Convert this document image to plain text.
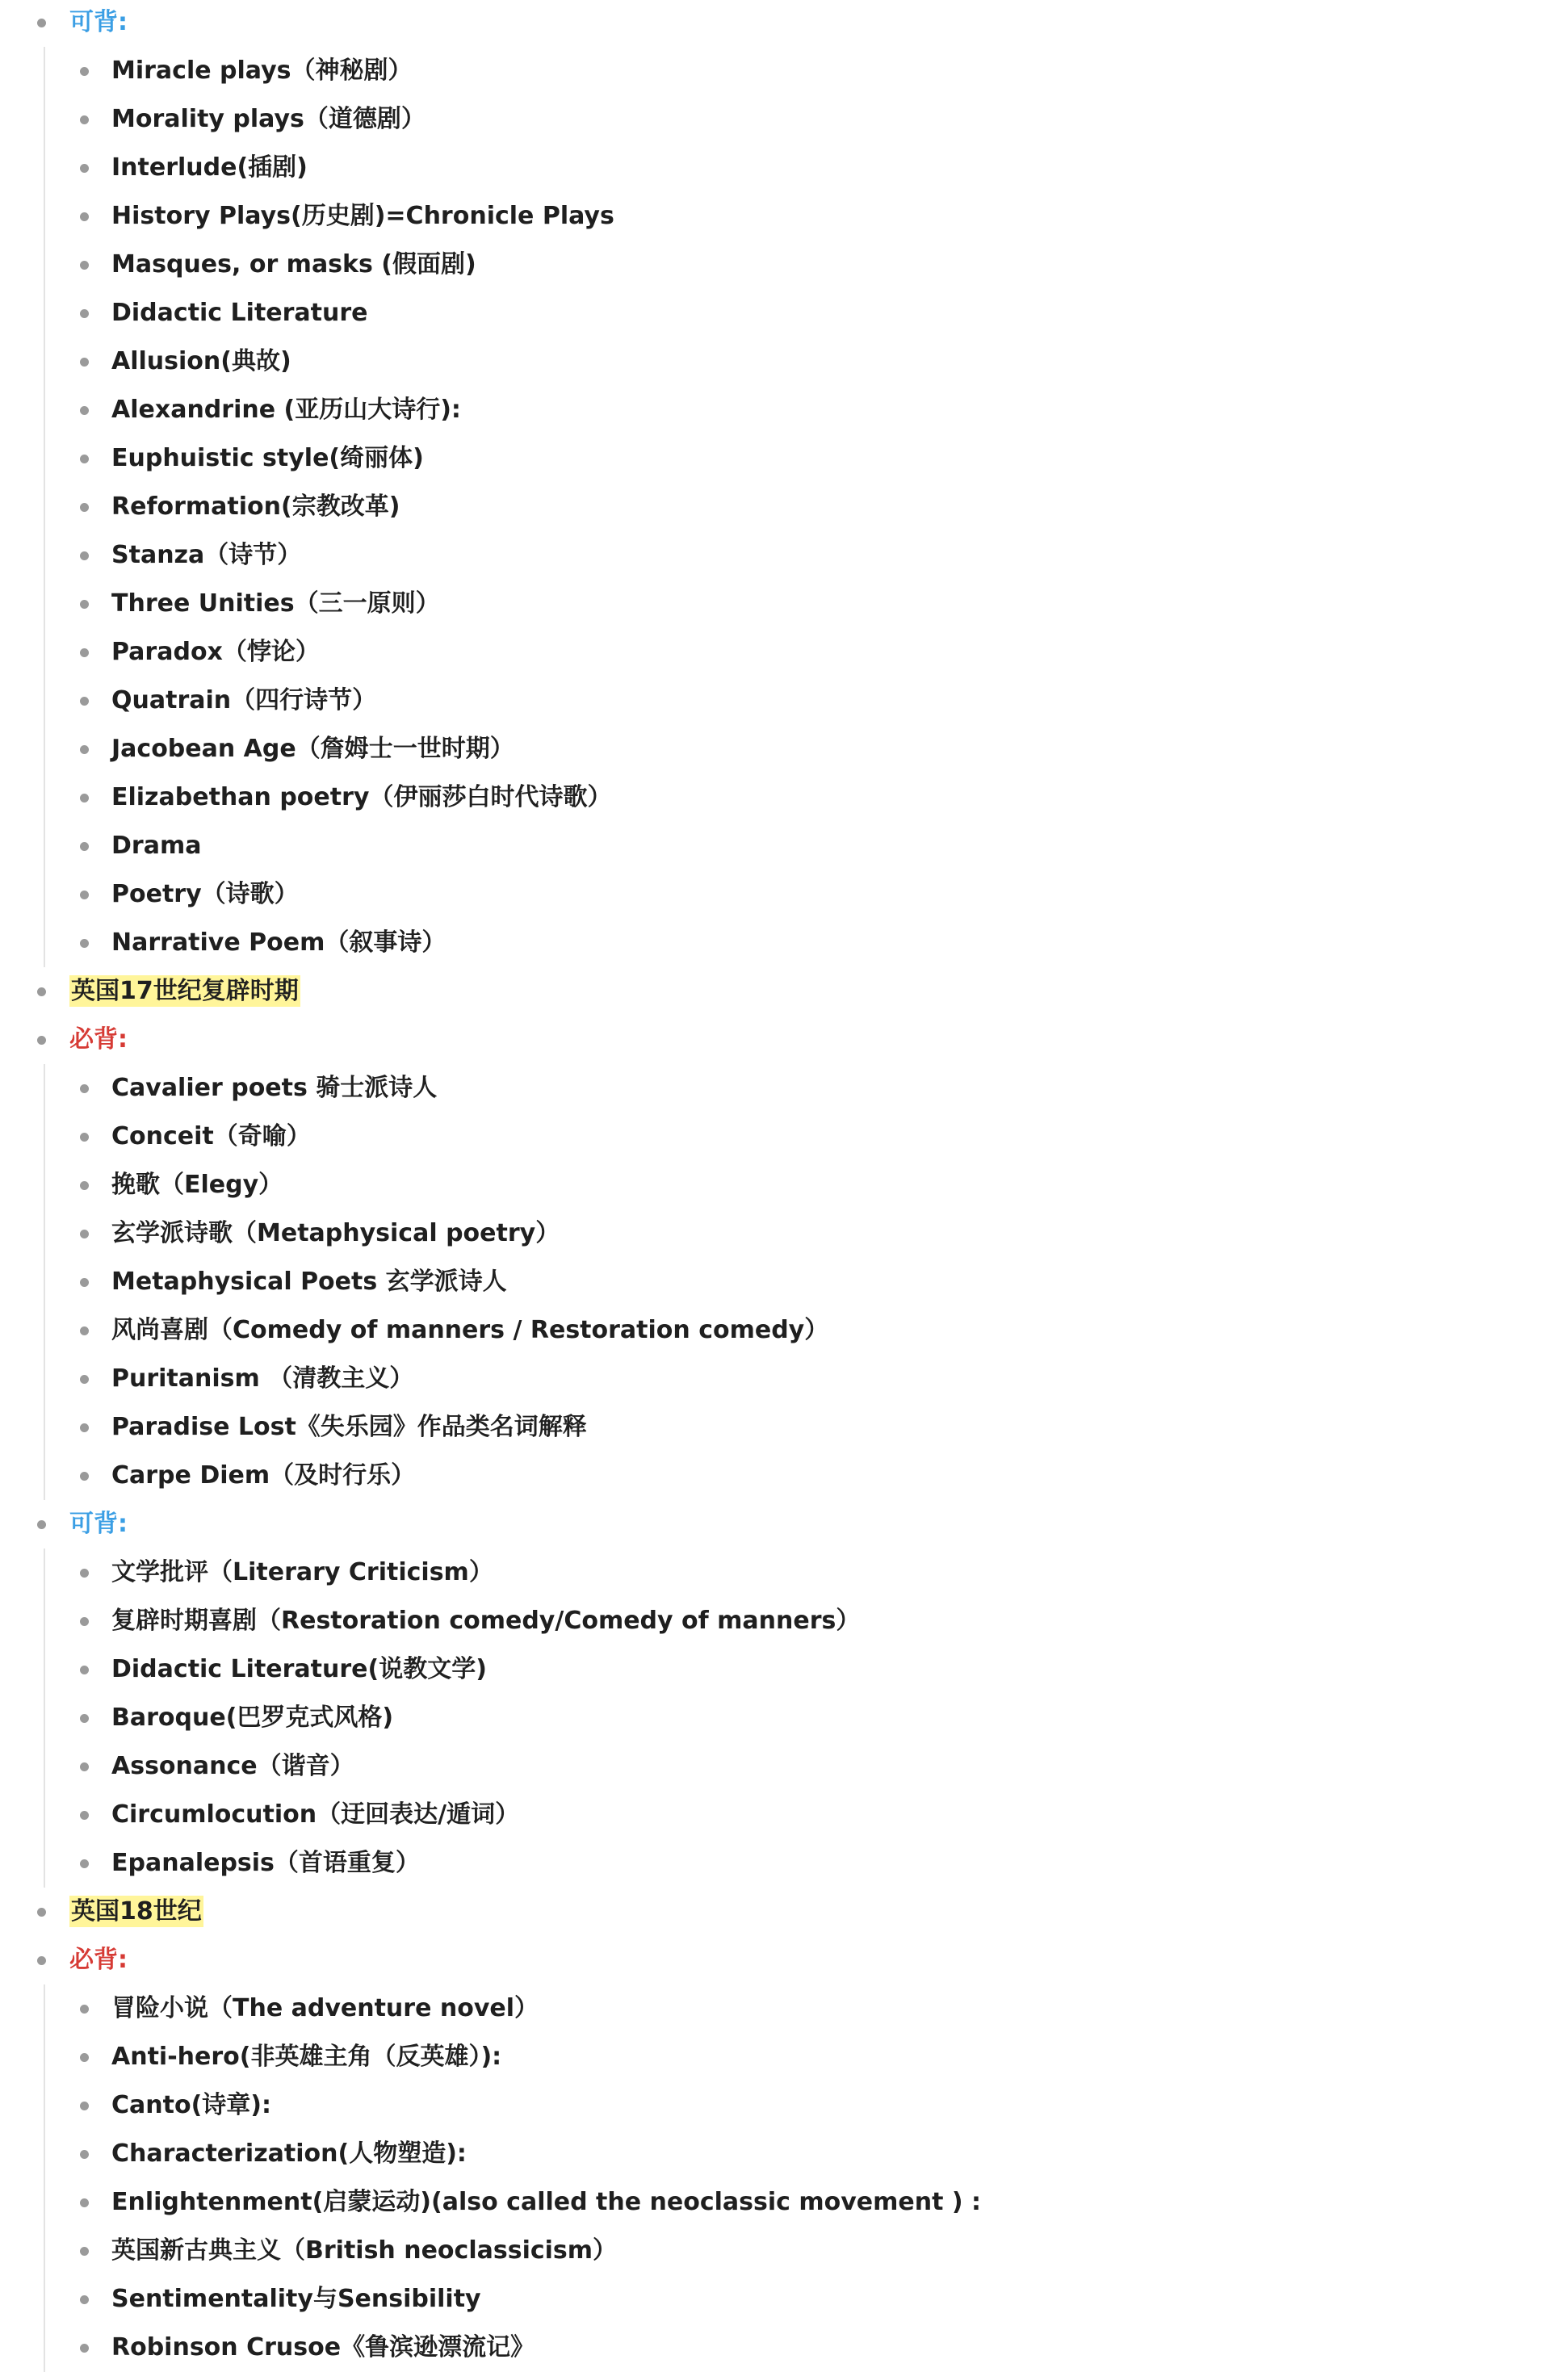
可背:
Miracle plays（神秘剧）
Morality plays（道德剧）
Interlude(插剧)
History Plays(历史剧)=Chronicle Plays
Masques, or masks (假面剧)
Didactic Literature
Allusion(典故)
Alexandrine (亚历山大诗行):
Euphuistic style(绮丽体)
Reformation(宗教改革)
Stanza（诗节）
Three Unities（三一原则）
Paradox（悖论）
Quatrain（四行诗节）
Jacobean Age（詹姆士一世时期）
Elizabethan poetry（伊丽莎白时代诗歌）
Drama
Poetry（诗歌）
Narrative Poem（叙事诗）
英国17世纪复辟时期
必背:
Cavalier poets 骑士派诗人
Conceit（奇喻）
挽歌（Elegy）
玄学派诗歌（Metaphysical poetry）
Metaphysical Poets 玄学派诗人
风尚喜剧（Comedy of manners / Restoration comedy）
Puritanism （清教主义）
Paradise Lost《失乐园》作品类名词解释
Carpe Diem（及时行乐）
可背:
文学批评（Literary Criticism）
复辟时期喜剧（Restoration comedy/Comedy of manners）
Didactic Literature(说教文学)
Baroque(巴罗克式风格)
Assonance（谐音）
Circumlocution（迂回表达/遁词）
Epanalepsis（首语重复）
英国18世纪
必背:
冒险小说（The adventure novel）
Anti-hero(非英雄主角（反英雄）):
Canto(诗章):
Characterization(人物塑造):
Enlightenment(启蒙运动)(also called the neoclassic movement ) :
英国新古典主义（British neoclassicism）
Sentimentality与Sensibility
Robinson Crusoe《鲁滨逊漂流记》
